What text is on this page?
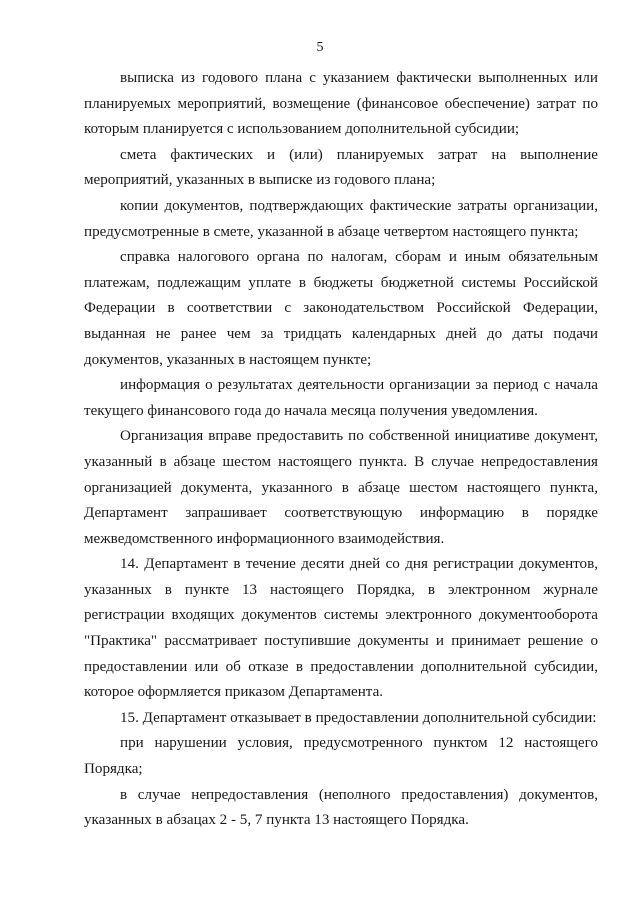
5

выписка из годового плана с указанием фактически выполненных или планируемых мероприятий, возмещение (финансовое обеспечение) затрат по которым планируется с использованием дополнительной субсидии;

смета фактических и (или) планируемых затрат на выполнение мероприятий, указанных в выписке из годового плана;

копии документов, подтверждающих фактические затраты организации, предусмотренные в смете, указанной в абзаце четвертом настоящего пункта;

справка налогового органа по налогам, сборам и иным обязательным платежам, подлежащим уплате в бюджеты бюджетной системы Российской Федерации в соответствии с законодательством Российской Федерации, выданная не ранее чем за тридцать календарных дней до даты подачи документов, указанных в настоящем пункте;

информация о результатах деятельности организации за период с начала текущего финансового года до начала месяца получения уведомления.

Организация вправе предоставить по собственной инициативе документ, указанный в абзаце шестом настоящего пункта. В случае непредоставления организацией документа, указанного в абзаце шестом настоящего пункта, Департамент запрашивает соответствующую информацию в порядке межведомственного информационного взаимодействия.

14. Департамент в течение десяти дней со дня регистрации документов, указанных в пункте 13 настоящего Порядка, в электронном журнале регистрации входящих документов системы электронного документооборота "Практика" рассматривает поступившие документы и принимает решение о предоставлении или об отказе в предоставлении дополнительной субсидии, которое оформляется приказом Департамента.

15. Департамент отказывает в предоставлении дополнительной субсидии:

при нарушении условия, предусмотренного пунктом 12 настоящего Порядка;

в случае непредоставления (неполного предоставления) документов, указанных в абзацах 2 - 5, 7 пункта 13 настоящего Порядка.
